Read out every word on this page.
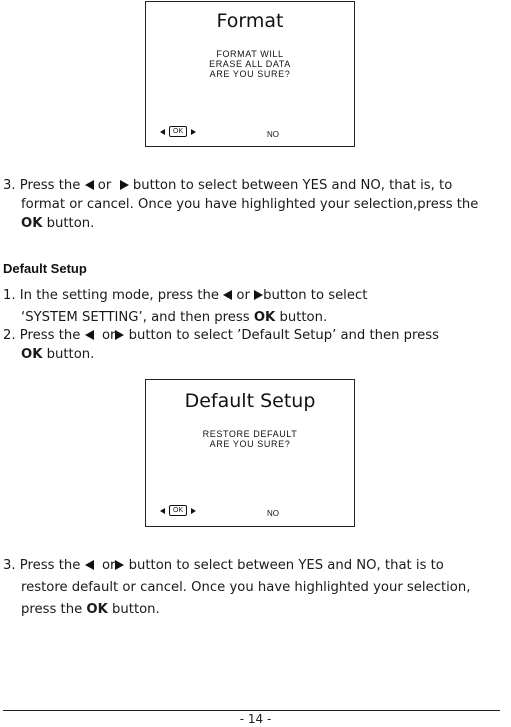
Format
FORMAT WILL
ERASE ALL DATA
ARE YOU SURE?
OK	NO
3. Press the or button to select between YES and NO, that is, to
format or cancel. Once you have highlighted your selection,press the
OK button.
Default Setup
1. In the setting mode, press the or button to select
‘SYSTEM SETTING’, and then press OK button.
2. Press the or button to select ’Default Setup’ and then press
OK button.
Default Setup
RESTORE DEFAULT
ARE YOU SURE?
OK	NO
3. Press the or button to select between YES and NO, that is to
restore default or cancel. Once you have highlighted your selection,
press the OK button.
- 14 -
